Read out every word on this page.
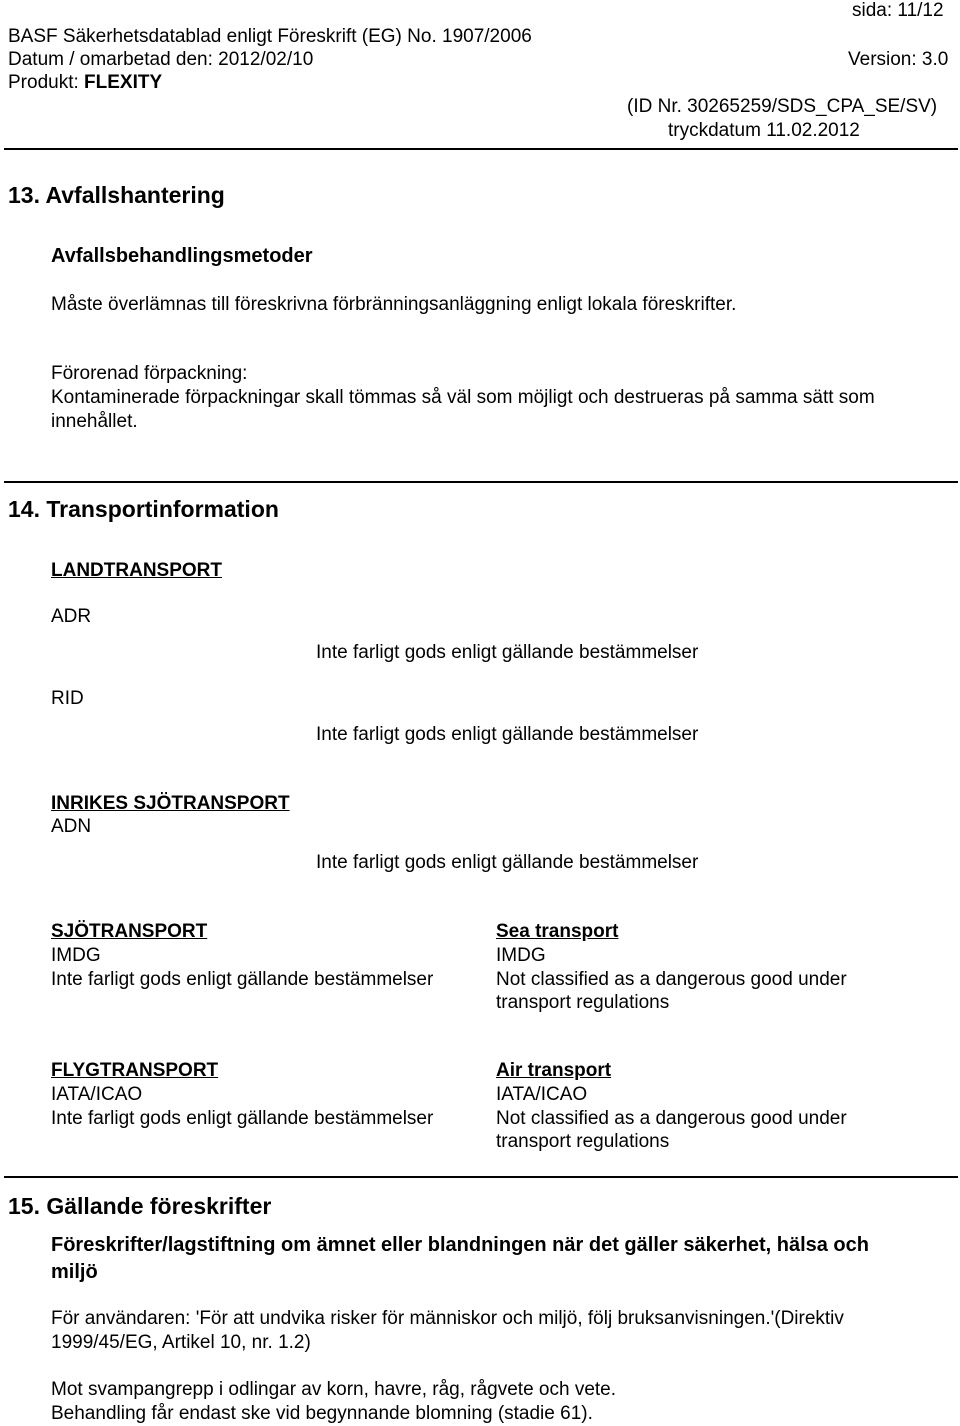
sida: 11/12
BASF Säkerhetsdatablad enligt Föreskrift (EG) No. 1907/2006
Datum / omarbetad den: 2012/02/10	Version: 3.0
Produkt: FLEXITY
(ID Nr. 30265259/SDS_CPA_SE/SV)
tryckdatum 11.02.2012
13. Avfallshantering
Avfallsbehandlingsmetoder
Måste överlämnas till föreskrivna förbränningsanläggning enligt lokala föreskrifter.
Förorenad förpackning:
Kontaminerade förpackningar skall tömmas så väl som möjligt och destrueras på samma sätt som
innehållet.
14. Transportinformation
LANDTRANSPORT
ADR
Inte farligt gods enligt gällande bestämmelser
RID
Inte farligt gods enligt gällande bestämmelser
INRIKES SJÖTRANSPORT
ADN
Inte farligt gods enligt gällande bestämmelser
SJÖTRANSPORT
IMDG
Inte farligt gods enligt gällande bestämmelser
Sea transport
IMDG
Not classified as a dangerous good under
transport regulations
FLYGTRANSPORT
IATA/ICAO
Inte farligt gods enligt gällande bestämmelser
Air transport
IATA/ICAO
Not classified as a dangerous good under
transport regulations
15. Gällande föreskrifter
Föreskrifter/lagstiftning om ämnet eller blandningen när det gäller säkerhet, hälsa och
miljö
För användaren: 'För att undvika risker för människor och miljö, följ bruksanvisningen.'(Direktiv
1999/45/EG, Artikel 10, nr. 1.2)
Mot svampangrepp i odlingar av korn, havre, råg, rågvete och vete.
Behandling får endast ske vid begynnande blomning (stadie 61).
